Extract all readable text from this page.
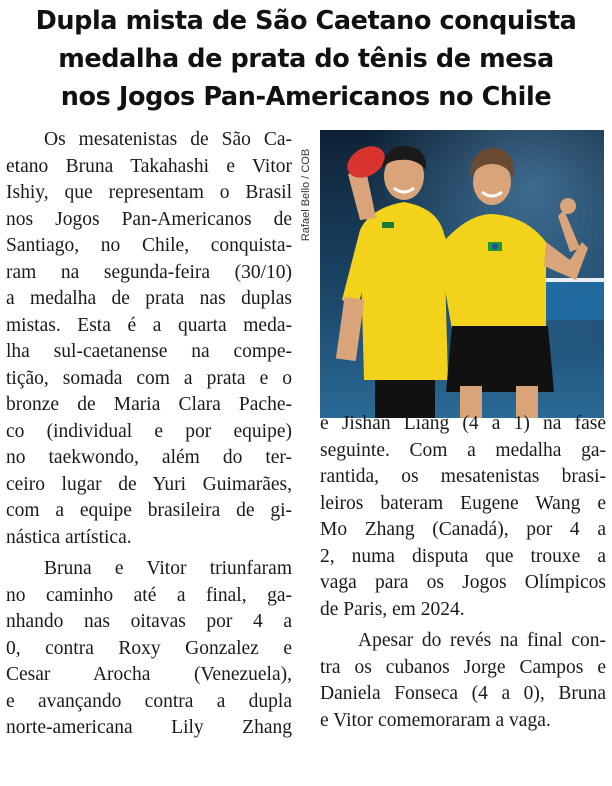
Dupla mista de São Caetano conquista
medalha de prata do tênis de mesa
nos Jogos Pan-Americanos no Chile
Os mesatenistas de São Ca-
etano Bruna Takahashi e Vitor
Ishiy, que representam o Brasil
nos Jogos Pan-Americanos de
Santiago, no Chile, conquista-
ram na segunda-feira (30/10)
a medalha de prata nas duplas
mistas. Esta é a quarta meda-
lha sul-caetanense na compe-
tição, somada com a prata e o
bronze de Maria Clara Pache-
co (individual e por equipe)
no taekwondo, além do ter-
ceiro lugar de Yuri Guimarães,
com a equipe brasileira de gi-
nástica artística.
Bruna e Vitor triunfaram
no caminho até a final, ga-
nhando nas oitavas por 4 a
0, contra Roxy Gonzalez e
Cesar Arocha (Venezuela),
e avançando contra a dupla
norte-americana Lily Zhang
Rafael Bello / COB
e Jishan Liang (4 a 1) na fase
seguinte. Com a medalha ga-
rantida, os mesatenistas brasi-
leiros bateram Eugene Wang e
Mo Zhang (Canadá), por 4 a
2, numa disputa que trouxe a
vaga para os Jogos Olímpicos
de Paris, em 2024.
Apesar do revés na final con-
tra os cubanos Jorge Campos e
Daniela Fonseca (4 a 0), Bruna
e Vitor comemoraram a vaga.
